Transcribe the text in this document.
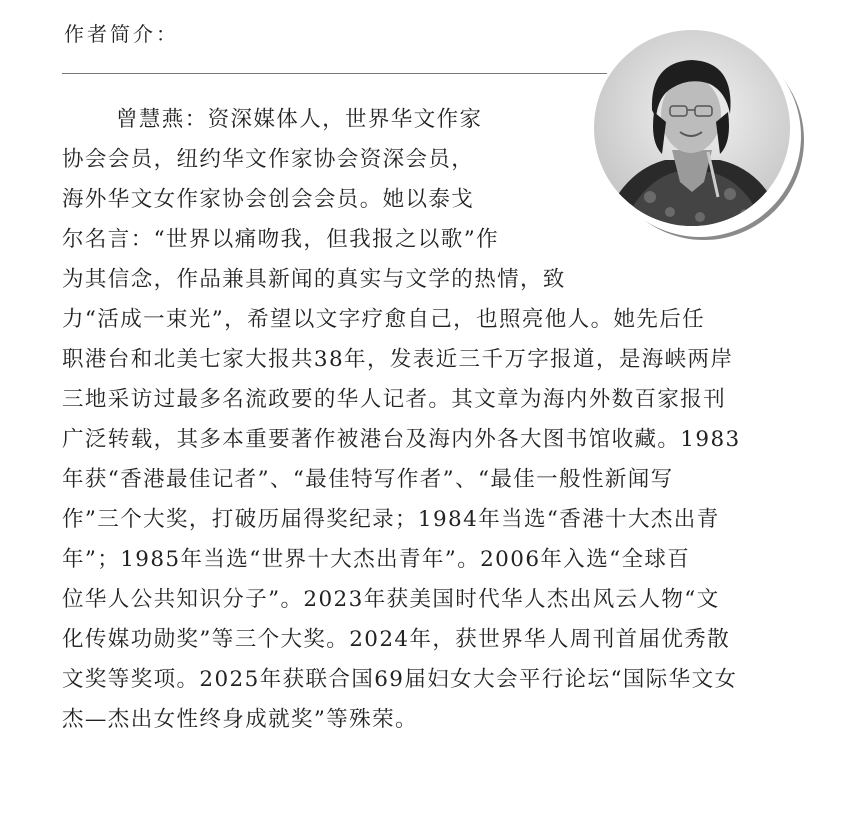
作者简介：
曾慧燕：资深媒体人，世界华文作家
协会会员，纽约华文作家协会资深会员，
海外华文女作家协会创会会员。她以泰戈
尔名言：“世界以痛吻我，但我报之以歌”作
为其信念，作品兼具新闻的真实与文学的热情，致
力“活成一束光”，希望以文字疗愈自己，也照亮他人。她先后任
职港台和北美七家大报共38年，发表近三千万字报道，是海峡两岸
三地采访过最多名流政要的华人记者。其文章为海内外数百家报刊
广泛转载，其多本重要著作被港台及海内外各大图书馆收藏。1983
年获“香港最佳记者”、“最佳特写作者”、“最佳一般性新闻写
作”三个大奖，打破历届得奖纪录；1984年当选“香港十大杰出青
年”；1985年当选“世界十大杰出青年”。2006年入选“全球百
位华人公共知识分子”。2023年获美国时代华人杰出风云人物“文
化传媒功勋奖”等三个大奖。2024年，获世界华人周刊首届优秀散
文奖等奖项。2025年获联合国69届妇女大会平行论坛“国际华文女
杰—杰出女性终身成就奖”等殊荣。
